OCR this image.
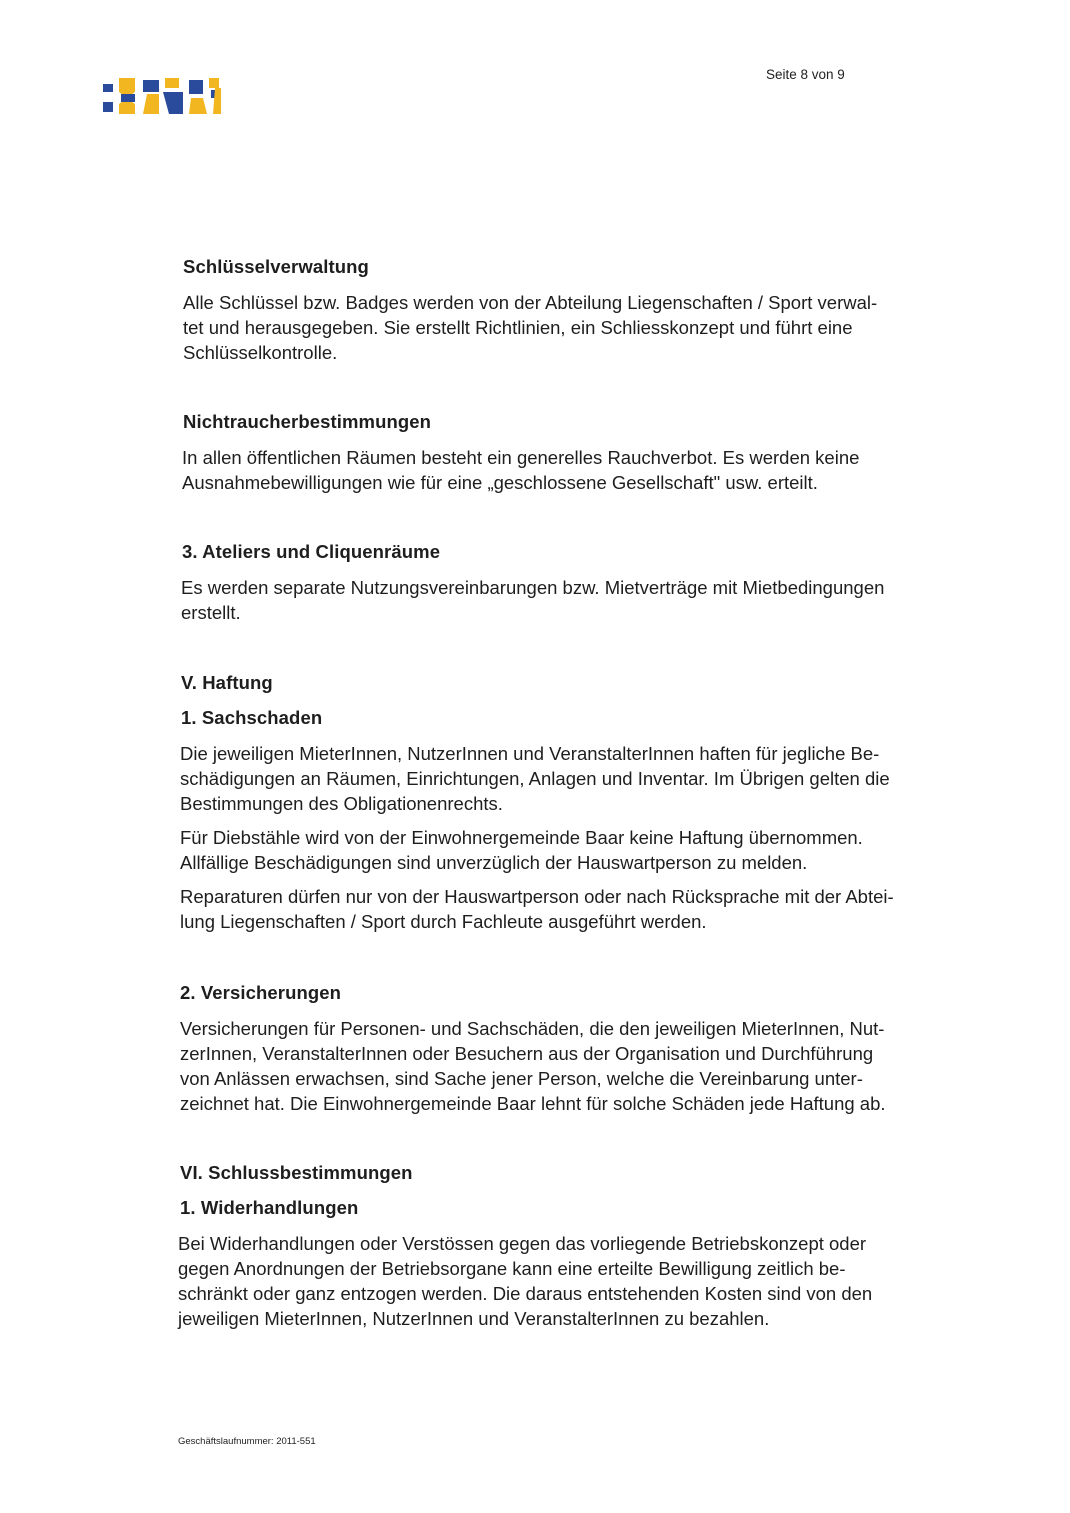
Seite 8 von 9
Schlüsselverwaltung

Alle Schlüssel bzw. Badges werden von der Abteilung Liegenschaften / Sport verwal-

tet und herausgegeben. Sie erstellt Richtlinien, ein Schliesskonzept und führt eine

Schlüsselkontrolle.

Nichtraucherbestimmungen

In allen öffentlichen Räumen besteht ein generelles Rauchverbot. Es werden keine

Ausnahmebewilligungen wie für eine „geschlossene Gesellschaft" usw. erteilt.

3. Ateliers und Cliquenräume

Es werden separate Nutzungsvereinbarungen bzw. Mietverträge mit Mietbedingungen

erstellt.

V. Haftung
1. Sachschaden

Die jeweiligen MieterInnen, NutzerInnen und VeranstalterInnen haften für jegliche Be-

schädigungen an Räumen, Einrichtungen, Anlagen und Inventar. Im Übrigen gelten die

Bestimmungen des Obligationenrechts.

Für Diebstähle wird von der Einwohnergemeinde Baar keine Haftung übernommen.

Allfällige Beschädigungen sind unverzüglich der Hauswartperson zu melden.

Reparaturen dürfen nur von der Hauswartperson oder nach Rücksprache mit der Abtei-

lung Liegenschaften / Sport durch Fachleute ausgeführt werden.

2. Versicherungen

Versicherungen für Personen- und Sachschäden, die den jeweiligen MieterInnen, Nut-

zerInnen, VeranstalterInnen oder Besuchern aus der Organisation und Durchführung

von Anlässen erwachsen, sind Sache jener Person, welche die Vereinbarung unter-

zeichnet hat. Die Einwohnergemeinde Baar lehnt für solche Schäden jede Haftung ab.

VI. Schlussbestimmungen
1. Widerhandlungen

Bei Widerhandlungen oder Verstössen gegen das vorliegende Betriebskonzept oder

gegen Anordnungen der Betriebsorgane kann eine erteilte Bewilligung zeitlich be-

schränkt oder ganz entzogen werden. Die daraus entstehenden Kosten sind von den

jeweiligen MieterInnen, NutzerInnen und VeranstalterInnen zu bezahlen.

Geschäftslaufnummer: 2011-551
